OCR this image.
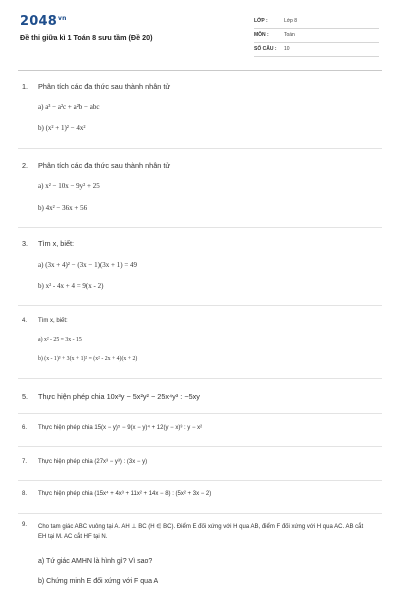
$2048^{vn}$
Đề thi giữa kì 1 Toán 8 sưu tầm (Đề 20)
LỚP :	Lớp 8
MÔN :	Toán
SỐ CÂU : 10
1. Phân tích các đa thức sau thành nhân tử
a) a³ − a²c + a²b − abc
b) (x² + 1)² − 4x²
2. Phân tích các đa thức sau thành nhân tử
a) x² − 10x − 9y² + 25
b) 4x² − 36x + 56
3. Tìm x, biết:
a) (3x + 4)² − (3x − 1)(3x + 1) = 49
b) x² - 4x + 4 = 9(x - 2)
4. Tìm x, biết:
a) x² - 25 = 3x - 15
b) (x - 1)³ + 3(x + 1)² = (x² - 2x + 4)(x + 2)
5. Thực hiện phép chia 10x³y − 5x²y² − 25x⁴y³ : −5xy
6. Thực hiện phép chia 15(x − y)⁵ − 9(x − y)⁴ + 12(y − x)³ : y − x²
7. Thực hiện phép chia (27x³ − y³) : (3x − y)
8. Thực hiện phép chia (15x⁴ + 4x³ + 11x² + 14x − 8) : (5x² + 3x − 2)
9. Cho tam giác ABC vuông tại A. AH ⊥ BC (H ∈ BC). Điểm E đối xứng với H qua AB, điểm F đối xứng với H qua AC. AB cắt EH tại M. AC cắt HF tại N.
a) Tứ giác AMHN là hình gì? Vì sao?
b) Chứng minh E đối xứng với F qua A
